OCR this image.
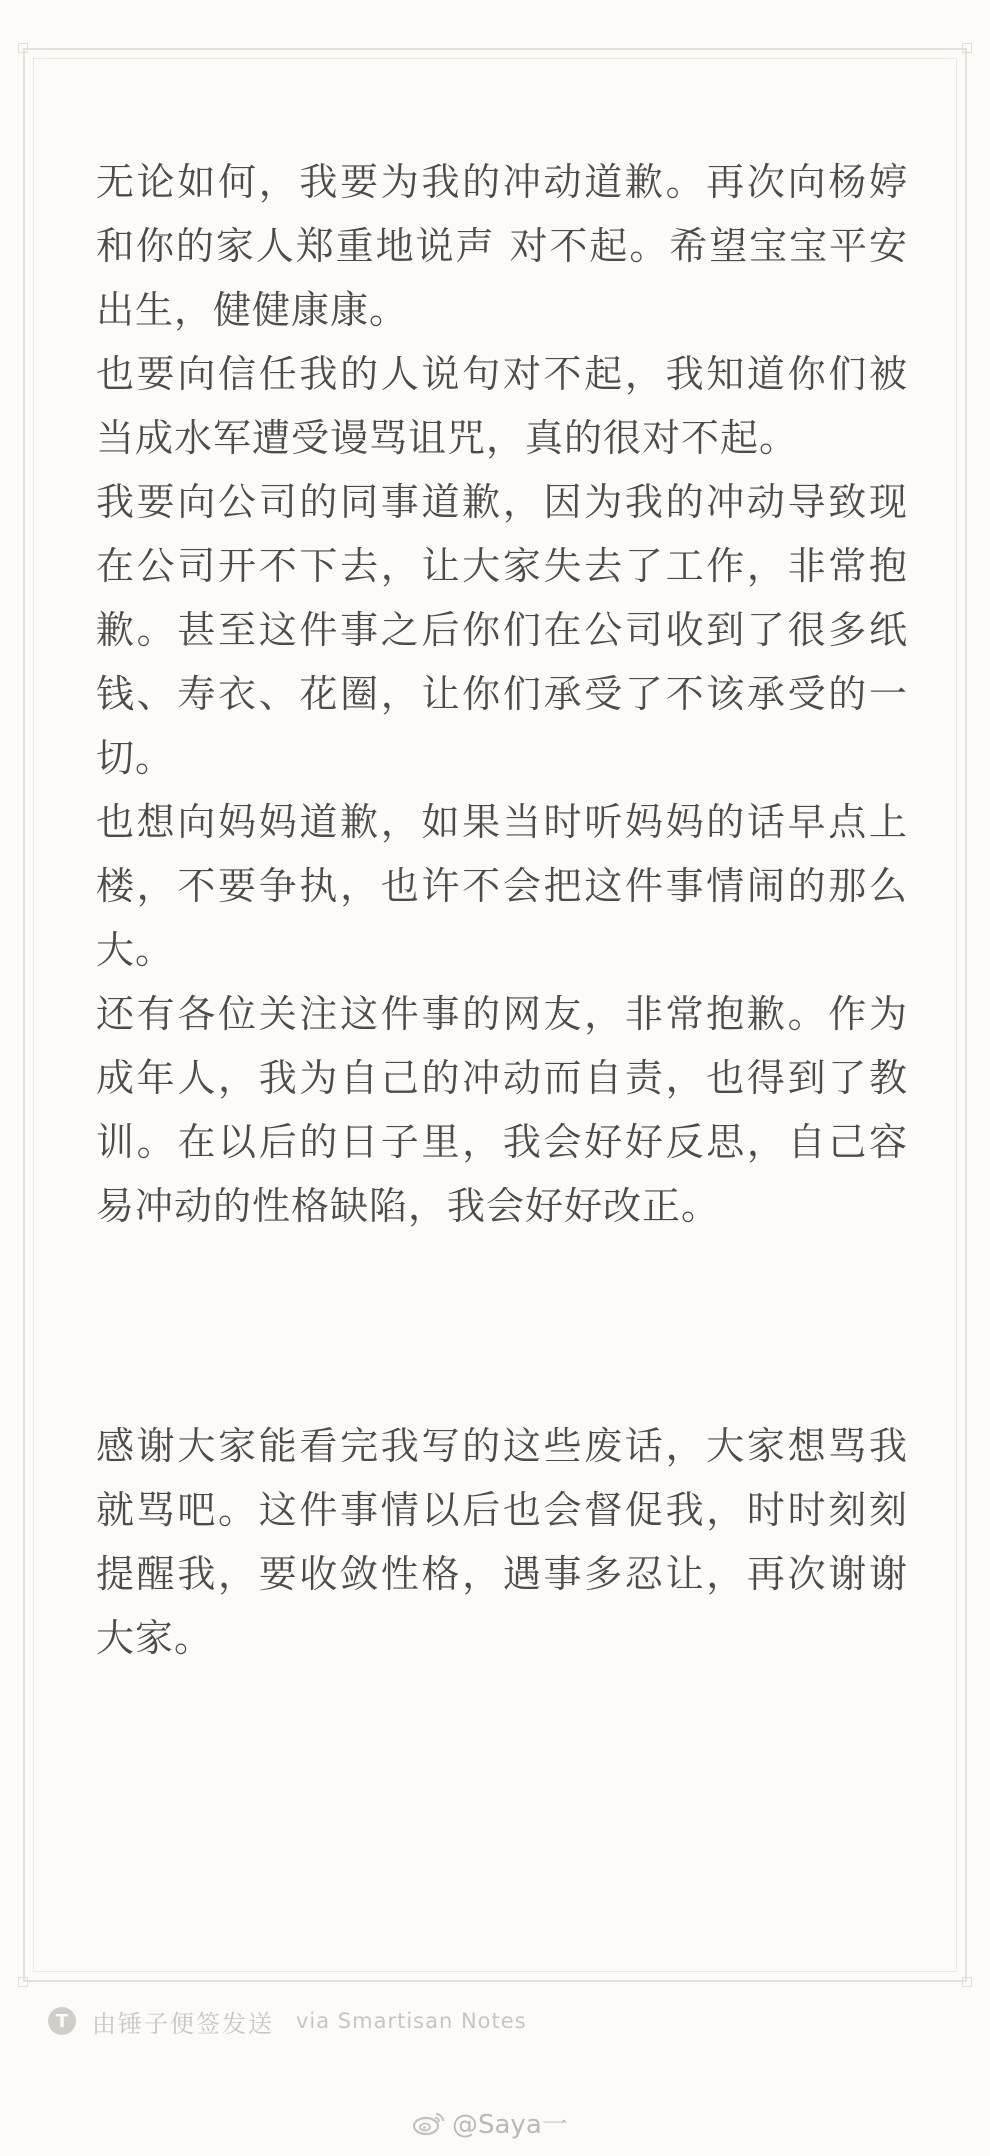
无论如何，我要为我的冲动道歉。再次向杨婷和你的家人郑重地说声 对不起。希望宝宝平安出生，健健康康。

也要向信任我的人说句对不起，我知道你们被当成水军遭受谩骂诅咒，真的很对不起。

我要向公司的同事道歉，因为我的冲动导致现在公司开不下去，让大家失去了工作，非常抱歉。甚至这件事之后你们在公司收到了很多纸钱、寿衣、花圈，让你们承受了不该承受的一切。

也想向妈妈道歉，如果当时听妈妈的话早点上楼，不要争执，也许不会把这件事情闹的那么大。

还有各位关注这件事的网友，非常抱歉。作为成年人，我为自己的冲动而自责，也得到了教训。在以后的日子里，我会好好反思，自己容易冲动的性格缺陷，我会好好改正。

感谢大家能看完我写的这些废话，大家想骂我就骂吧。这件事情以后也会督促我，时时刻刻提醒我，要收敛性格，遇事多忍让，再次谢谢大家。

T 由锤子便签发送 via Smartisan Notes
@Saya一
